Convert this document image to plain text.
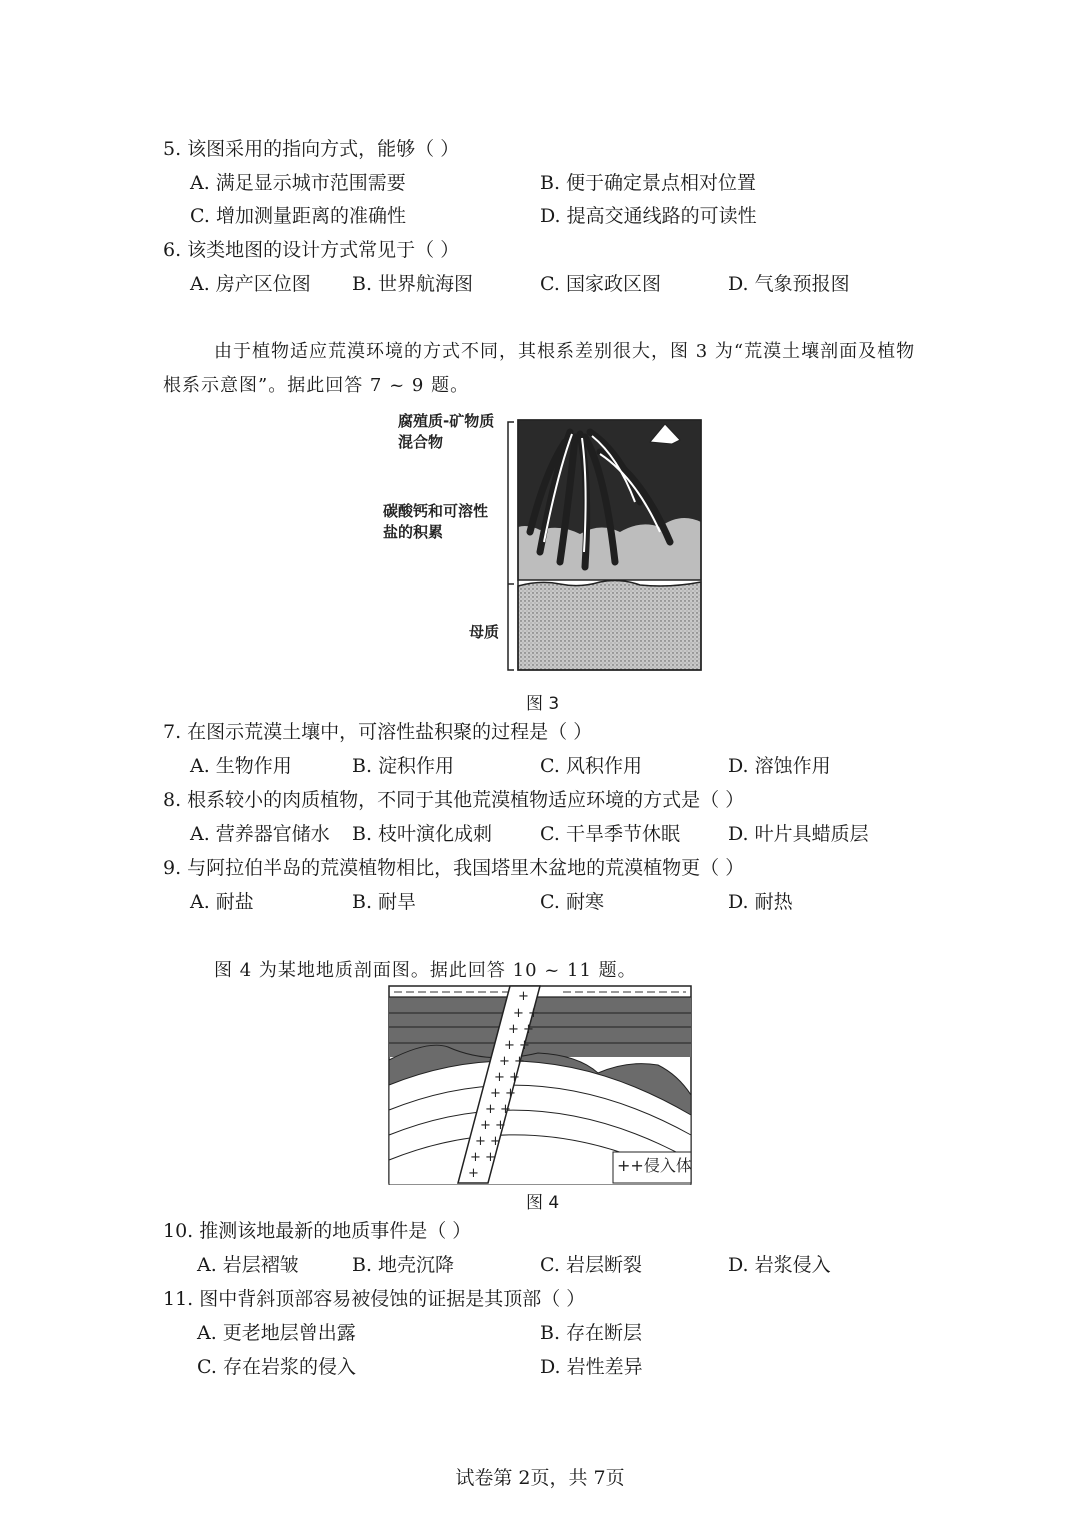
5. 该图采用的指向方式，能够（ ）
A. 满足显示城市范围需要	B. 便于确定景点相对位置
C. 增加测量距离的准确性	D. 提高交通线路的可读性
6. 该类地图的设计方式常见于（ ）
A. 房产区位图 B. 世界航海图	C. 国家政区图	D. 气象预报图
由于植物适应荒漠环境的方式不同，其根系差别很大，图 3 为“荒漠土壤剖面及植物
根系示意图”。据此回答 7 ~ 9 题。
腐殖质-矿物质
混合物
碳酸钙和可溶性
盐的积累
母质
图 3
7. 在图示荒漠土壤中，可溶性盐积聚的过程是（ ）
A. 生物作用	B. 淀积作用	C. 风积作用	D. 溶蚀作用
8. 根系较小的肉质植物，不同于其他荒漠植物适应环境的方式是（ ）
A. 营养器官储水 B. 枝叶演化成刺	C. 干旱季节休眠	D. 叶片具蜡质层
9. 与阿拉伯半岛的荒漠植物相比，我国塔里木盆地的荒漠植物更（ ）
A. 耐盐	B. 耐旱	C. 耐寒	D. 耐热
图 4 为某地地质剖面图。据此回答 10 ~ 11 题。
+
+ +
+ +
+ +
+ +
+ +
+ +
+ +
+ +
+ +
+ +
+	++侵入体
图 4
10. 推测该地最新的地质事件是（ ）
A. 岩层褶皱	B. 地壳沉降	C. 岩层断裂	D. 岩浆侵入
11. 图中背斜顶部容易被侵蚀的证据是其顶部（ ）
A. 更老地层曾出露	B. 存在断层
C. 存在岩浆的侵入	D. 岩性差异
试卷第 2页，共 7页
